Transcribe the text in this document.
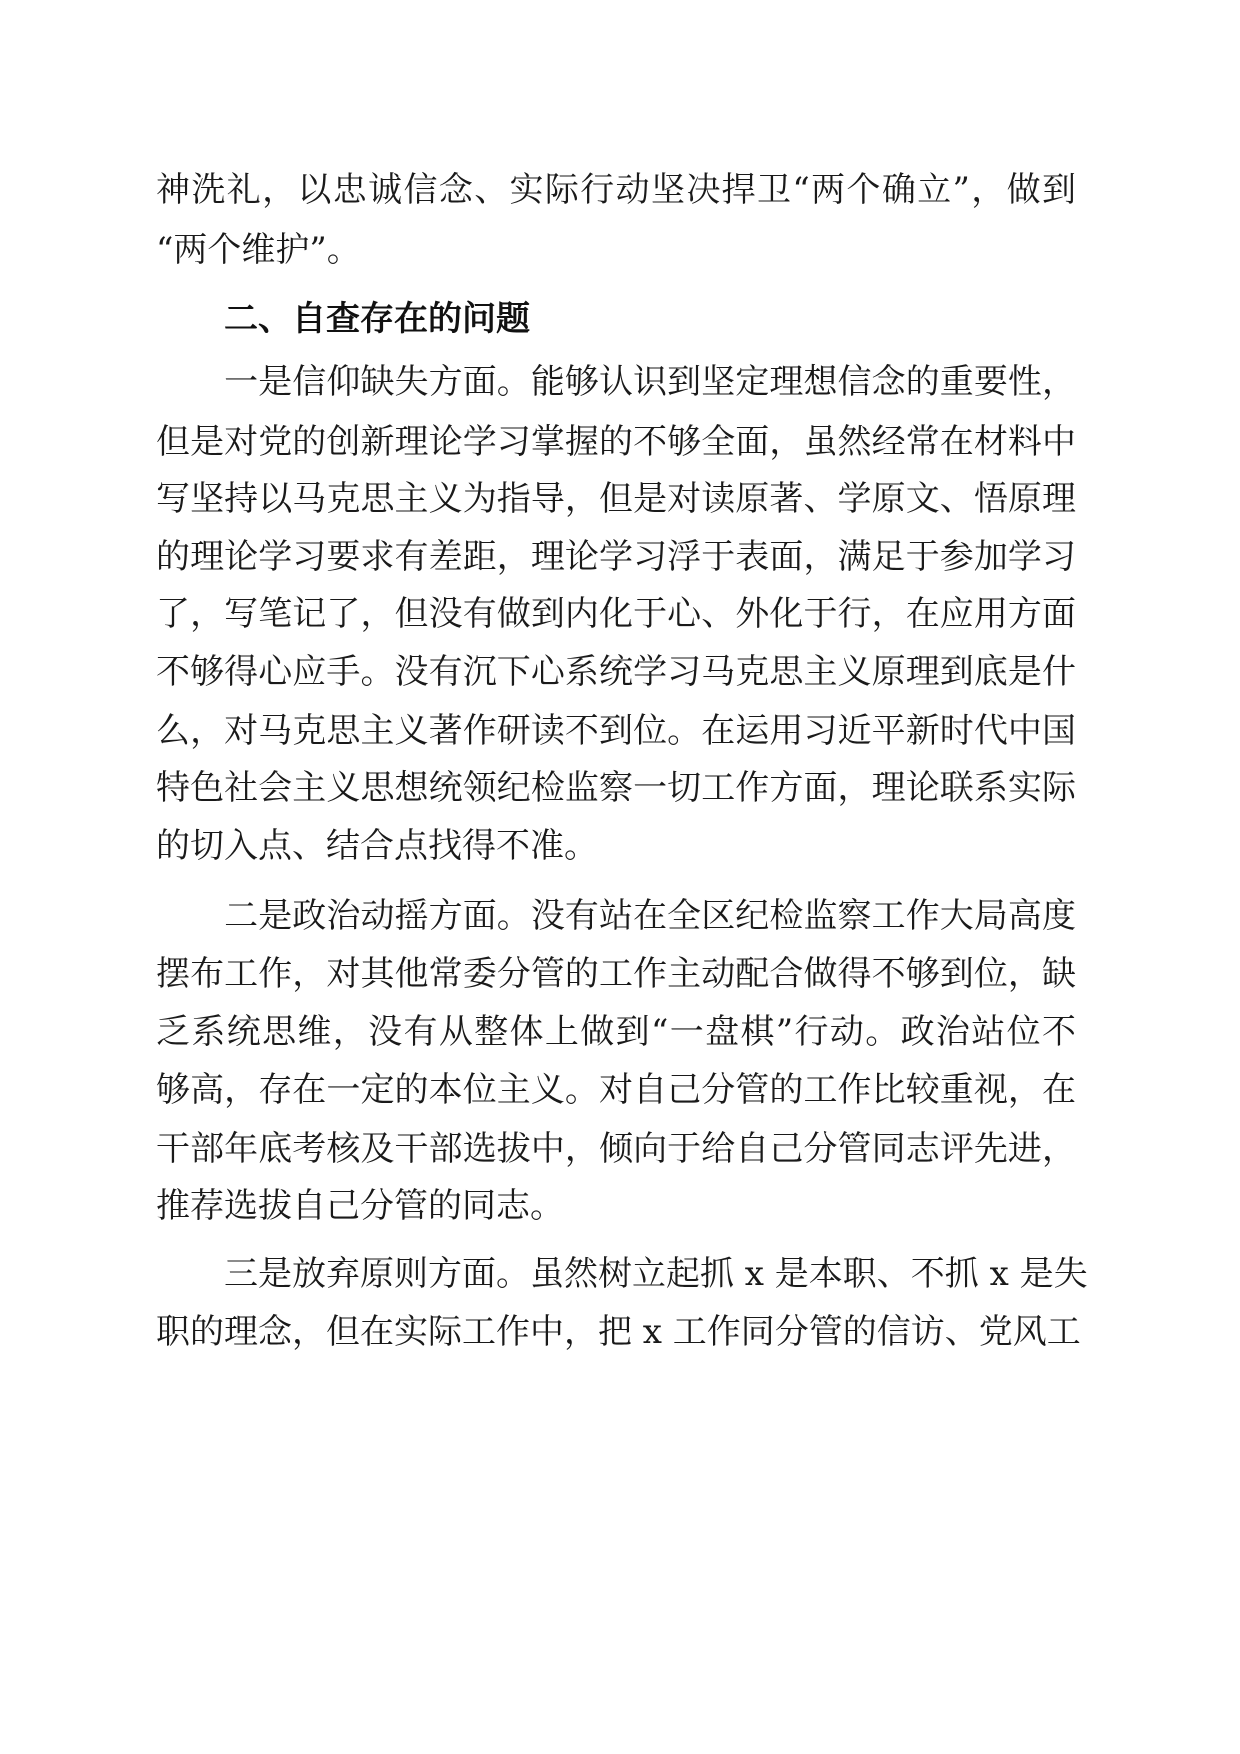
神洗礼，以忠诚信念、实际行动坚决捍卫“两个确立”，做到
“两个维护”。
二、自查存在的问题
　　一是信仰缺失方面。能够认识到坚定理想信念的重要性，
但是对党的创新理论学习掌握的不够全面，虽然经常在材料中
写坚持以马克思主义为指导，但是对读原著、学原文、悟原理
的理论学习要求有差距，理论学习浮于表面，满足于参加学习
了，写笔记了，但没有做到内化于心、外化于行，在应用方面
不够得心应手。没有沉下心系统学习马克思主义原理到底是什
么，对马克思主义著作研读不到位。在运用习近平新时代中国
特色社会主义思想统领纪检监察一切工作方面，理论联系实际
的切入点、结合点找得不准。
　　二是政治动摇方面。没有站在全区纪检监察工作大局高度
摆布工作，对其他常委分管的工作主动配合做得不够到位，缺
乏系统思维，没有从整体上做到“一盘棋”行动。政治站位不
够高，存在一定的本位主义。对自己分管的工作比较重视，在
干部年底考核及干部选拔中，倾向于给自己分管同志评先进，
推荐选拔自己分管的同志。
　　三是放弃原则方面。虽然树立起抓 x 是本职、不抓 x 是失
职的理念，但在实际工作中，把 x 工作同分管的信访、党风工
